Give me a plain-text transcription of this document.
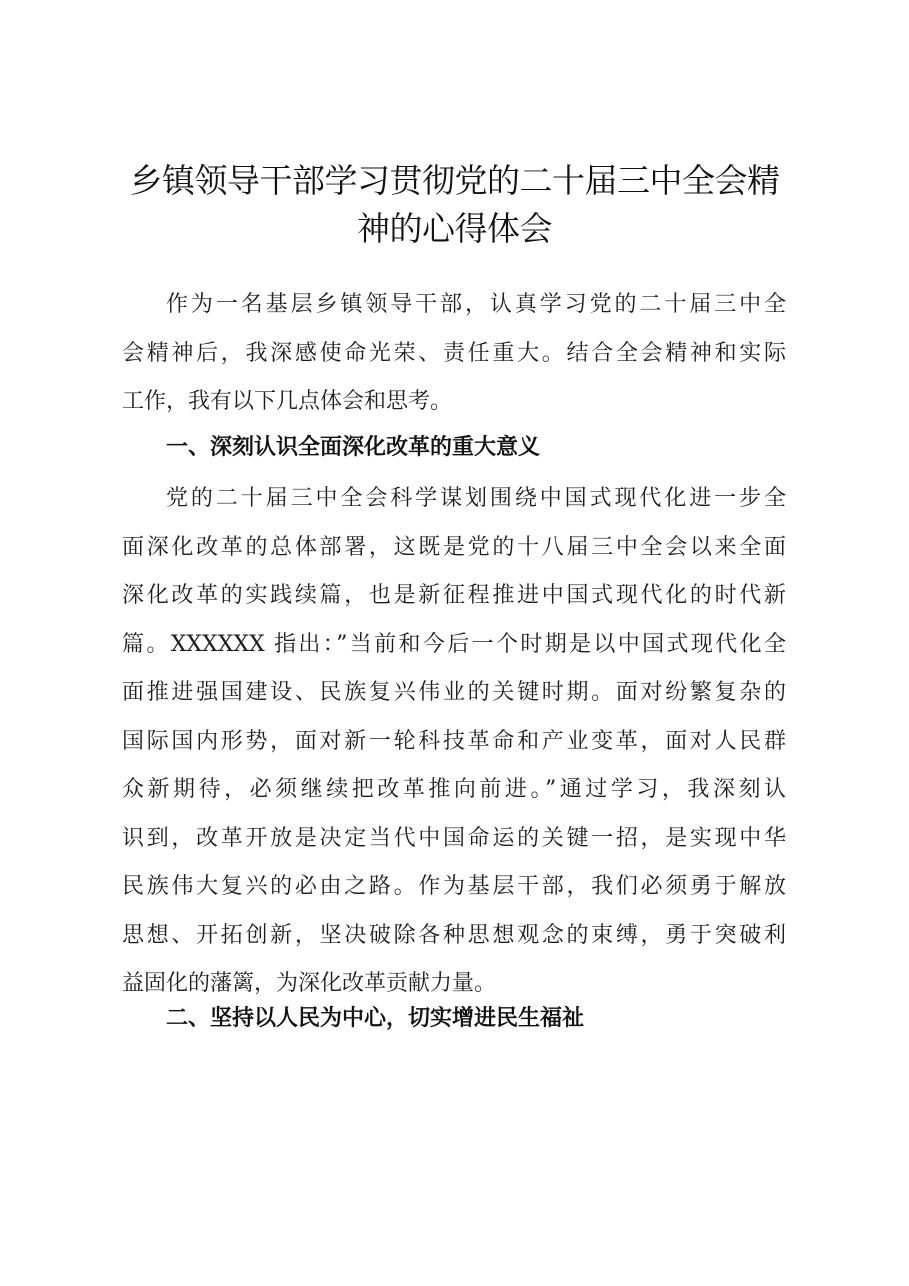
乡镇领导干部学习贯彻党的二十届三中全会精
神的心得体会
作为一名基层乡镇领导干部，认真学习党的二十届三中全
会精神后，我深感使命光荣、责任重大。结合全会精神和实际
工作，我有以下几点体会和思考。
一、深刻认识全面深化改革的重大意义
党的二十届三中全会科学谋划围绕中国式现代化进一步全
面深化改革的总体部署，这既是党的十八届三中全会以来全面
深化改革的实践续篇，也是新征程推进中国式现代化的时代新
篇。XXXXXX 指出：”当前和今后一个时期是以中国式现代化全
面推进强国建设、民族复兴伟业的关键时期。面对纷繁复杂的
国际国内形势，面对新一轮科技革命和产业变革，面对人民群
众新期待，必须继续把改革推向前进。”通过学习，我深刻认
识到，改革开放是决定当代中国命运的关键一招，是实现中华
民族伟大复兴的必由之路。作为基层干部，我们必须勇于解放
思想、开拓创新，坚决破除各种思想观念的束缚，勇于突破利
益固化的藩篱，为深化改革贡献力量。
二、坚持以人民为中心，切实增进民生福祉
